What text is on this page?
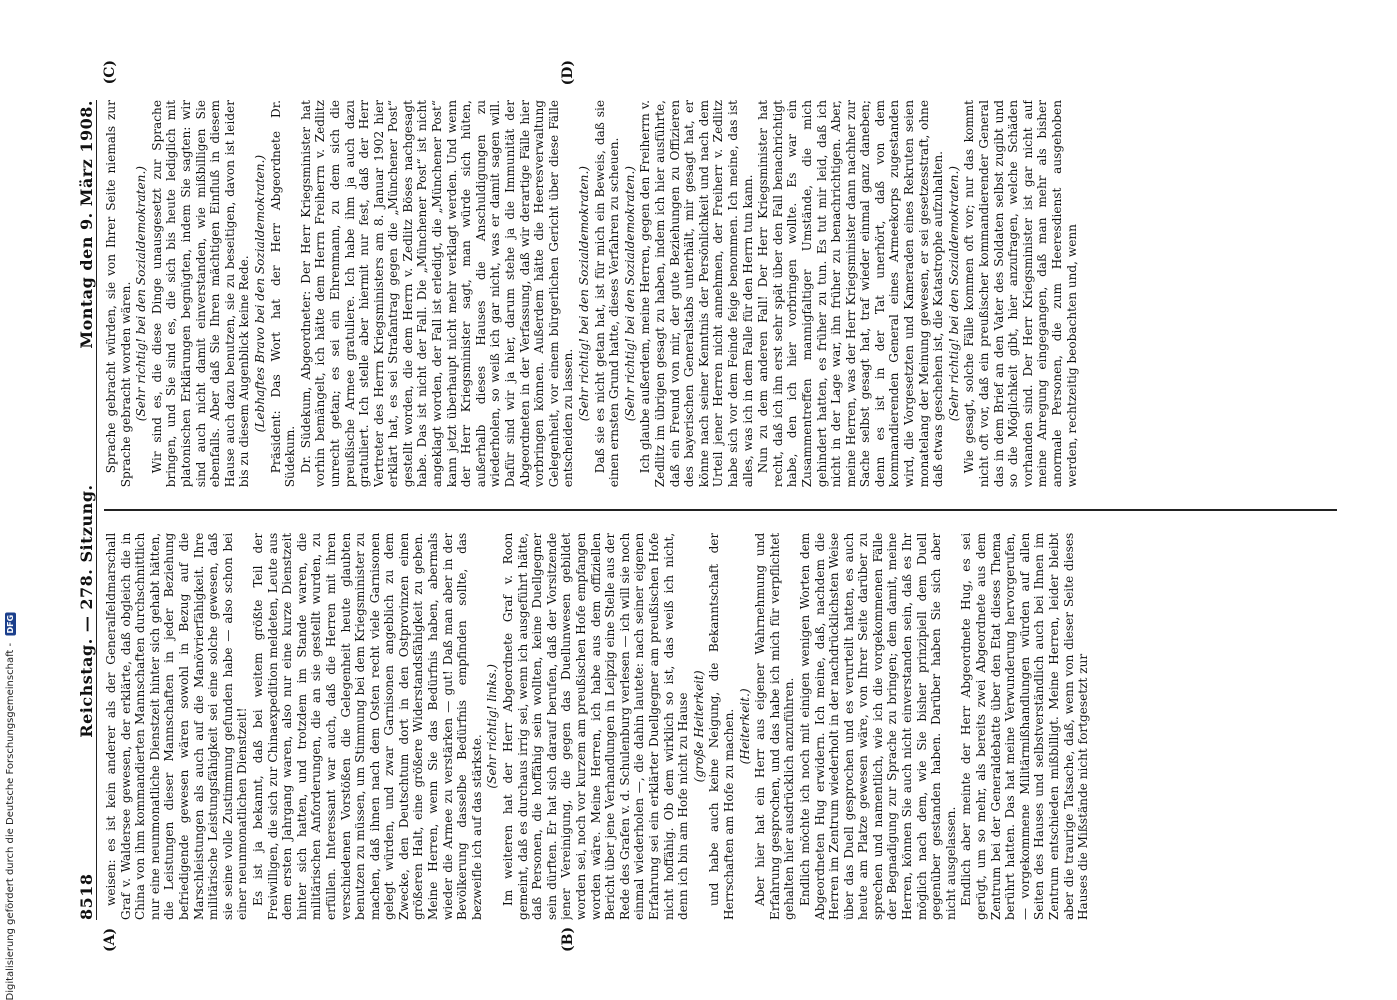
8518
Reichstag. — 278. Sitzung.
Montag den 9. März 1908.
(A)	(B)
(C)	(D)

weisen: es ist kein anderer als der Generalfeldmarschall Graf v. Waldersee gewesen, der erklärte, daß obgleich die in China von ihm kommandierten Mannschaften durchschnittlich nur eine neunmonatliche Dienstzeit hinter sich gehabt hätten, die Leistungen dieser Mannschaften in jeder Beziehung befriedigende gewesen wären sowohl in Bezug auf die Marschleistungen als auch auf die Manövrierfähigkeit. Ihre militärische Leistungsfähigkeit sei eine solche gewesen, daß sie seine volle Zustimmung gefunden habe — also schon bei einer neunmonatlichen Dienstzeit! Es ist ja bekannt, daß bei weitem größte Teil der Freiwilligen, die sich zur Chinaexpedition meldeten, Leute aus dem ersten Jahrgang waren, also nur eine kurze Dienstzeit hinter sich hatten, und trotzdem im Stande waren, die militärischen Anforderungen, die an sie gestellt wurden, zu erfüllen. Interessant war auch, daß die Herren mit ihren verschiedenen Vorstößen die Gelegenheit heute glaubten benutzen zu müssen, um Stimmung bei dem Kriegsminister zu machen, daß ihnen nach dem Osten recht viele Garnisonen gelegt würden, und zwar Garnisonen angeblich zu dem Zwecke, den Deutschtum dort in den Ostprovinzen einen größeren Halt, eine größere Widerstandsfähigkeit zu geben. Meine Herren, wenn Sie das Bedürfnis haben, abermals wieder die Armee zu verstärken — gut! Daß man aber in der Bevölkerung dasselbe Bedürfnis empfinden sollte, das bezweifle ich auf das stärkste.

(Sehr richtig! links.) Im weiteren hat der Herr Abgeordnete Graf v. Roon gemeint, daß es durchaus irrig sei, wenn ich ausgeführt hätte, daß Personen, die hoffähig sein wollten, keine Duellgegner sein dürften. Er hat sich darauf berufen, daß der Vorsitzende jener Vereinigung, die gegen das Duellunwesen gebildet worden sei, noch vor kurzem am preußischen Hofe empfangen worden wäre. Meine Herren, ich habe aus dem offiziellen Bericht über jene Verhandlungen in Leipzig eine Stelle aus der Rede des Grafen v. d. Schulenburg verlesen — ich will sie noch einmal wiederholen —, die dahin lautete: nach seiner eigenen Erfahrung sei ein erklärter Duellgegner am preußischen Hofe nicht hoffähig. Ob dem wirklich so ist, das weiß ich nicht, denn ich bin am Hofe nicht zu Hause (große Heiterkeit) und habe auch keine Neigung, die Bekanntschaft der Herrschaften am Hofe zu machen. (Heiterkeit.) Aber hier hat ein Herr aus eigener Wahrnehmung und Erfahrung gesprochen, und das habe ich mich für verpflichtet gehalten hier ausdrücklich anzuführen. Endlich möchte ich noch mit einigen wenigen Worten dem Abgeordneten Hug erwidern. Ich meine, daß, nachdem die Herren im Zentrum wiederholt in der nachdrücklichsten Weise über das Duell gesprochen und es verurteilt hatten, es auch heute am Platze gewesen wäre, von Ihrer Seite darüber zu sprechen und namentlich, wie ich die vorgekommenen Fälle der Begnadigung zur Sprache zu bringen; dem damit, meine Herren, können Sie auch nicht einverstanden sein, daß es Ihr möglich nach dem, wie Sie bisher prinzipiell dem Duell gegenüber gestanden haben. Darüber haben Sie sich aber nicht ausgelassen. Endlich aber meinte der Herr Abgeordnete Hug, es sei gerügt, um so mehr, als bereits zwei Abgeordnete aus dem Zentrum bei der Generaldebatte über den Etat dieses Thema berührt hatten. Das hat meine Verwunderung hervorgerufen, — vorgekommene Militärmißhandlungen würden auf allen Seiten des Hauses und selbstverständlich auch bei Ihnen im Zentrum entschieden mißbilligt. Meine Herren, leider bleibt aber die traurige Tatsache, daß, wenn von dieser Seite dieses Hauses die Mißstände nicht fortgesetzt zur

Sprache gebracht würden, sie von Ihrer Seite niemals zur Sprache gebracht worden wären. (Sehr richtig! bei den Sozialdemokraten.) Wir sind es, die diese Dinge unausgesetzt zur Sprache bringen, und Sie sind es, die sich bis heute lediglich mit platonischen Erklärungen begnügten, indem Sie sagten: wir sind auch nicht damit einverstanden, wie mißbilligen Sie ebenfalls. Aber daß Sie Ihren mächtigen Einfluß in diesem Hause auch dazu benutzen, sie zu beseitigen, davon ist leider bis zu diesem Augenblick keine Rede. (Lebhaftes Bravo bei den Sozialdemokraten.) Präsident: Das Wort hat der Herr Abgeordnete Dr. Südekum. Dr. Südekum, Abgeordneter: Der Herr Kriegsminister hat vorhin bemängelt, ich hätte dem Herrn Freiherrn v. Zedlitz unrecht getan; es sei ein Ehrenmann, zu dem sich die preußische Armee gratuliere. Ich habe ihm ja auch dazu gratuliert. Ich stelle aber hiermit nur fest, daß der Herr Vertreter des Herrn Kriegsministers am 8. Januar 1902 hier erklärt hat, es sei Strafantrag gegen die „Münchener Post“ gestellt worden, die dem Herrn v. Zedlitz Böses nachgesagt habe. Das ist nicht der Fall. Die „Münchener Post“ ist nicht angeklagt worden, der Fall ist erledigt, die „Münchener Post“ kann jetzt überhaupt nicht mehr verklagt werden. Und wenn der Herr Kriegsminister sagt, man würde sich hüten, außerhalb dieses Hauses die Anschuldigungen zu wiederholen, so weiß ich gar nicht, was er damit sagen will. Dafür sind wir ja hier, darum stehe ja die Immunität der Abgeordneten in der Verfassung, daß wir derartige Fälle hier vorbringen können. Außerdem hätte die Heeresverwaltung Gelegenheit, vor einem bürgerlichen Gericht über diese Fälle entscheiden zu lassen. (Sehr richtig! bei den Sozialdemokraten.) Daß sie es nicht getan hat, ist für mich ein Beweis, daß sie einen ernsten Grund hatte, dieses Verfahren zu scheuen. (Sehr richtig! bei den Sozialdemokraten.) Ich glaube außerdem, meine Herren, gegen den Freiherrn v. Zedlitz im übrigen gesagt zu haben, indem ich hier ausführte, daß ein Freund von mir, der gute Beziehungen zu Offizieren des bayerischen Generalstabs unterhält, mir gesagt hat, er könne nach seiner Kenntnis der Persönlichkeit und nach dem Urteil jener Herren nicht annehmen, der Freiherr v. Zedlitz habe sich vor dem Feinde feige benommen. Ich meine, das ist alles, was ich in dem Falle für den Herrn tun kann. Nun zu dem anderen Fall! Der Herr Kriegsminister hat recht, daß ich ihn erst sehr spät über den Fall benachrichtigt habe, den ich hier vorbringen wollte. Es war ein Zusammentreffen mannigfaltiger Umstände, die mich gehindert hatten, es früher zu tun. Es tut mir leid, daß ich nicht in der Lage war, ihn früher zu benachrichtigen. Aber, meine Herren, was der Herr Kriegsminister dann nachher zur Sache selbst gesagt hat, traf wieder einmal ganz daneben; denn es ist in der Tat unerhört, daß von dem kommandierenden General eines Armeekorps zugestanden wird, die Vorgesetzten und Kameraden eines Rekruten seien monatelang der Meinung gewesen, er sei gesetzesstraft, ohne daß etwas geschehen ist, die Katastrophe aufzuhalten. (Sehr richtig! bei den Sozialdemokraten.) Wie gesagt, solche Fälle kommen oft vor; nur das kommt nicht oft vor, daß ein preußischer kommandierender General das in dem Brief an den Vater des Soldaten selbst zugibt und so die Möglichkeit gibt, hier anzufragen, welche Schäden vorhanden sind. Der Herr Kriegsminister ist gar nicht auf meine Anregung eingegangen, daß man mehr als bisher anormale Personen, die zum Heeresdienst ausgehoben werden, rechtzeitig beobachten und, wenn

Digitalisierung gefördert durch die Deutsche Forschungsgemeinschaft - DFG
